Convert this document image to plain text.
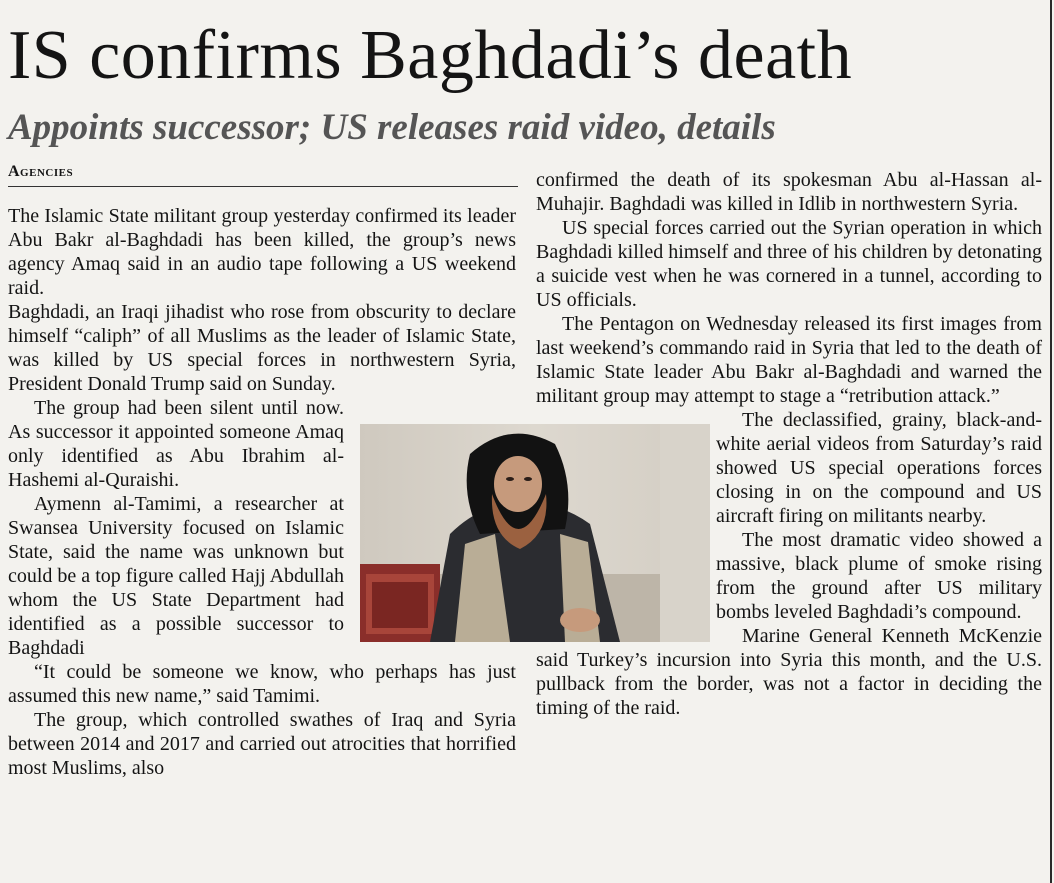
IS confirms Baghdadi’s death
Appoints successor; US releases raid video, details
Agencies

The Islamic State militant group yesterday confirmed its leader Abu Bakr al-Baghdadi has been killed, the group’s news agency Amaq said in an audio tape following a US weekend raid.

Baghdadi, an Iraqi jihadist who rose from obscurity to declare himself “caliph” of all Muslims as the leader of Islamic State, was killed by US special forces in northwestern Syria, President Donald Trump said on Sunday.

The group had been silent until now. As successor it appointed someone Amaq only identified as Abu Ibrahim al-Hashemi al-Quraishi.

Aymenn al-Tamimi, a researcher at Swansea University focused on Islamic State, said the name was unknown but could be a top figure called Hajj Abdullah whom the US State Department had identified as a possible successor to Baghdadi

“It could be someone we know, who perhaps has just assumed this new name,” said Tamimi.

The group, which controlled swathes of Iraq and Syria between 2014 and 2017 and carried out atrocities that horrified most Muslims, also

confirmed the death of its spokesman Abu al-Hassan al-Muhajir. Baghdadi was killed in Idlib in northwestern Syria.

US special forces carried out the Syrian operation in which Baghdadi killed himself and three of his children by detonating a suicide vest when he was cornered in a tunnel, according to US officials.

The Pentagon on Wednesday released its first images from last weekend’s commando raid in Syria that led to the death of Islamic State leader Abu Bakr al-Baghdadi and warned the militant group may attempt to stage a “retribution attack.”

The declassified, grainy, black-and-white aerial videos from Saturday’s raid showed US special operations forces closing in on the compound and US aircraft firing on militants nearby.

The most dramatic video showed a massive, black plume of smoke rising from the ground after US military bombs leveled Baghdadi’s compound.

Marine General Kenneth McKenzie said Turkey’s incursion into Syria this month, and the U.S. pullback from the border, was not a factor in deciding the timing of the raid.
